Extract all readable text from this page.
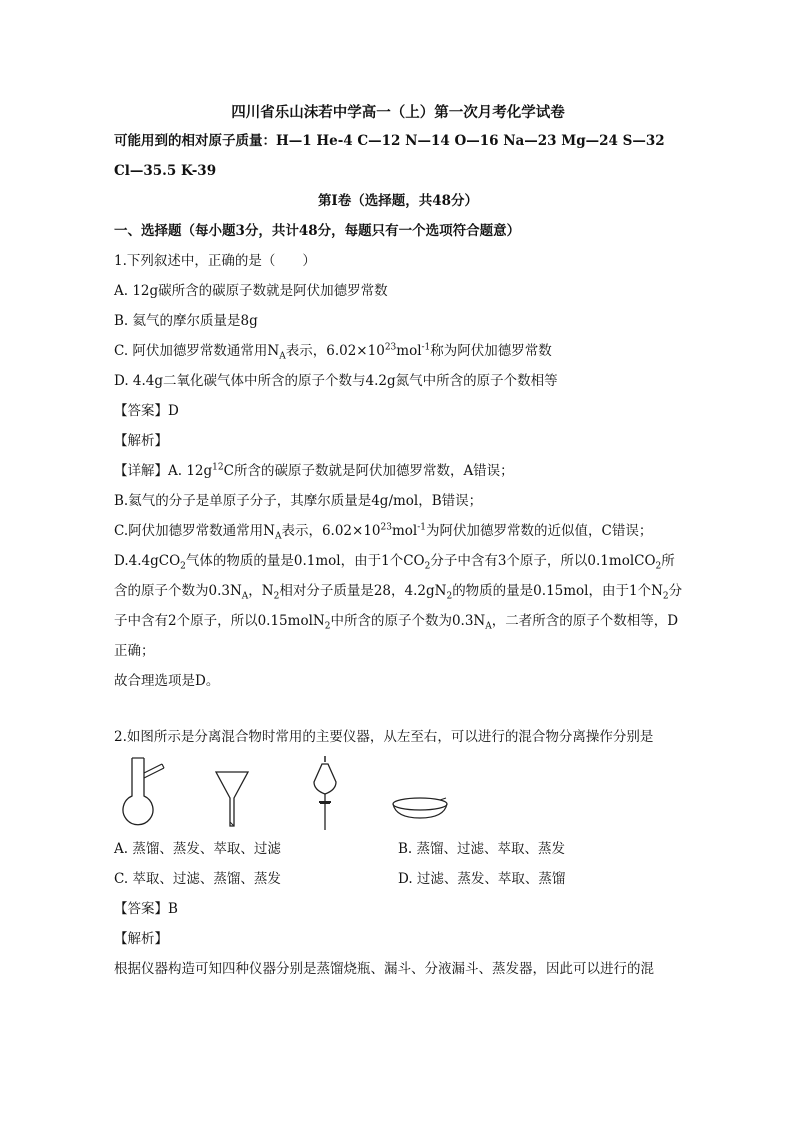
四川省乐山沫若中学高一（上）第一次月考化学试卷
可能用到的相对原子质量：H—1 He-4 C—12 N—14 O—16 Na—23 Mg—24 S—32
Cl—35.5 K-39
第Ⅰ卷（选择题，共48分）
一、选择题（每小题3分，共计48分，每题只有一个选项符合题意）
1.下列叙述中，正确的是（　　）
A. 12g碳所含的碳原子数就是阿伏加德罗常数
B. 氦气的摩尔质量是8g
C. 阿伏加德罗常数通常用$N_A$表示，$6.02\times 10^{23}mol^{-1}$称为阿伏加德罗常数
D. 4.4g二氧化碳气体中所含的原子个数与4.2g氮气中所含的原子个数相等
【答案】D
【解析】
【详解】A. $12g^{12}C$所含的碳原子数就是阿伏加德罗常数，A错误；
B.氦气的分子是单原子分子，其摩尔质量是4g/mol，B错误；
C.阿伏加德罗常数通常用$N_A$表示，$6.02\times 10^{23}mol^{-1}$为阿伏加德罗常数的近似值，C错误；
D.4.4gCO$_2$气体的物质的量是0.1mol，由于1个$CO_2$分子中含有3个原子，所以0.1molCO$_2$所
含的原子个数为$0.3N_A$，$N_2$相对分子质量是28，$4.2gN_2$的物质的量是0.15mol，由于1个$N_2$分
子中含有2个原子，所以0.15molN$_2$中所含的原子个数为$0.3N_A$，二者所含的原子个数相等，D
正确；
故合理选项是D。
2.如图所示是分离混合物时常用的主要仪器，从左至右，可以进行的混合物分离操作分别是
A. 蒸馏、蒸发、萃取、过滤	B. 蒸馏、过滤、萃取、蒸发
C. 萃取、过滤、蒸馏、蒸发	D. 过滤、蒸发、萃取、蒸馏
【答案】B
【解析】
根据仪器构造可知四种仪器分别是蒸馏烧瓶、漏斗、分液漏斗、蒸发器，因此可以进行的混
